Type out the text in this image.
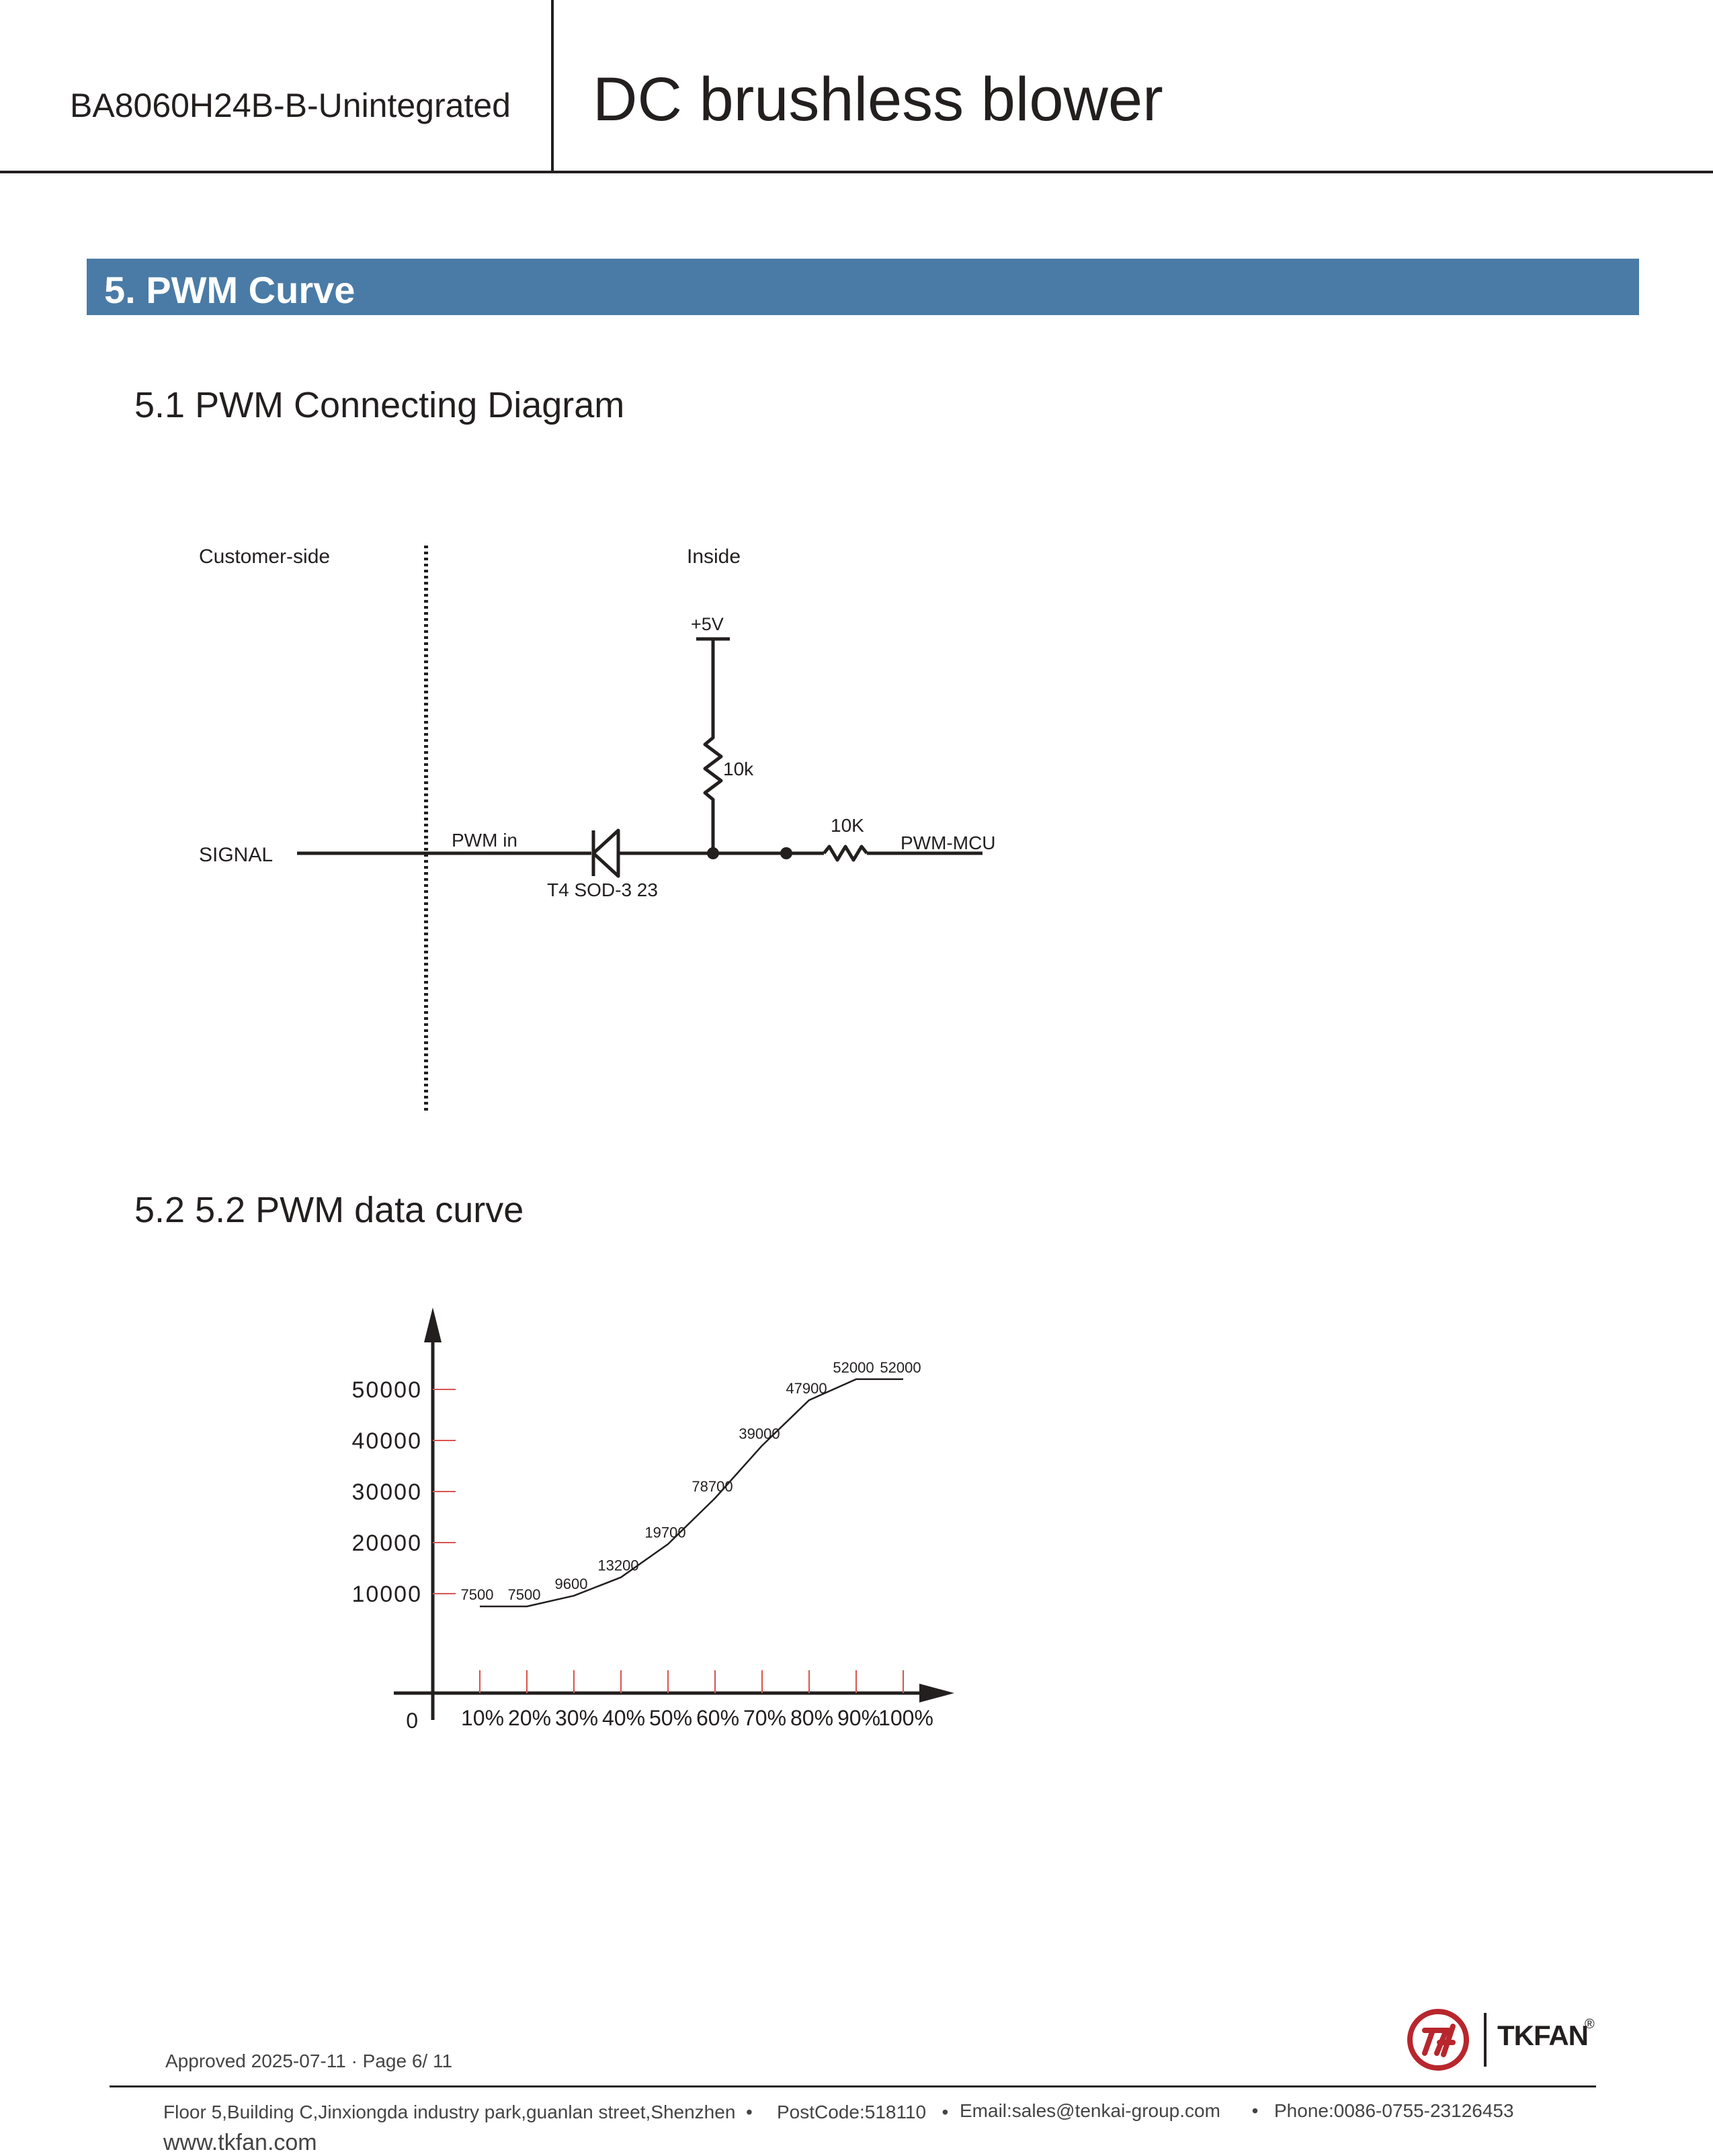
BA8060H24B-B-Unintegrated DC brushless blower
5. PWM Curve
5.1 PWM Connecting Diagram
Customer-side	Inside
+5V
10k
10K
SIGNAL
PWM in	PWM-MCU
T4 SOD-3 23
5.2 5.2 PWM data curve
0
10000
20000
30000
40000
50000
10% 20% 30% 40% 50% 60% 70% 80% 90%
100%
7500 7500
9600
13200
19700
78700
39000
47900
52000 52000
Approved 2025-07-11 · Page 6/ 11
TKFAN
®
Floor 5,Building C,Jinxiongda industry park,guanlan street,Shenzhen • PostCode:518110 • Email:sales@tenkai-group.com • Phone:0086-0755-23126453
www.tkfan.com
